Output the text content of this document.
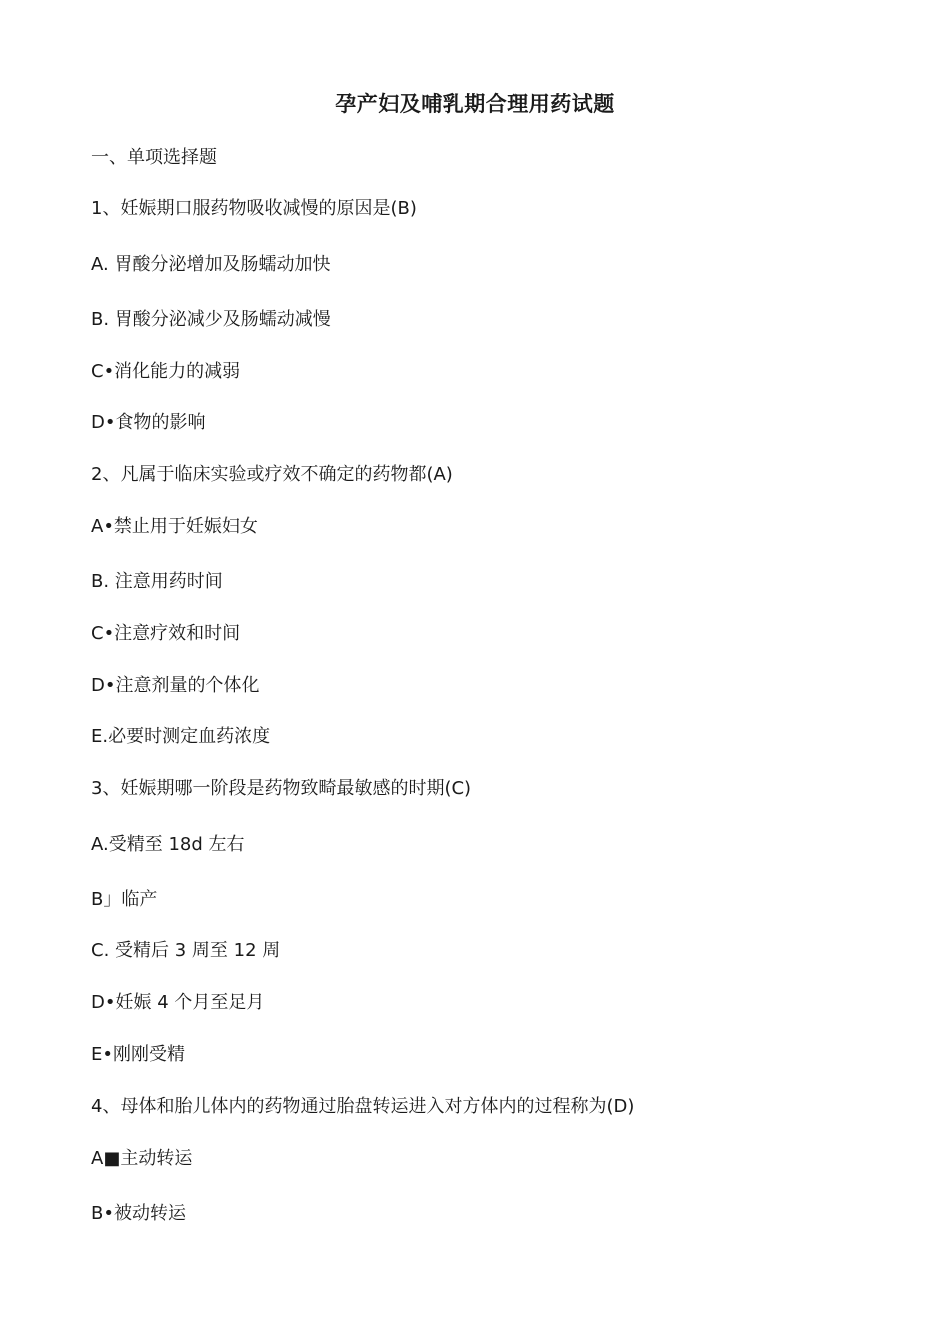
孕产妇及哺乳期合理用药试题
一、单项选择题
1、妊娠期口服药物吸收减慢的原因是(B)
A. 胃酸分泌增加及肠蠕动加快
B. 胃酸分泌减少及肠蠕动减慢
C•消化能力的减弱
D•食物的影响
2、凡属于临床实验或疗效不确定的药物都(A)
A•禁止用于妊娠妇女
B. 注意用药时间
C•注意疗效和时间
D•注意剂量的个体化
E.必要时测定血药浓度
3、妊娠期哪一阶段是药物致畸最敏感的时期(C)
A.受精至 18d 左右
B」临产
C. 受精后 3 周至 12 周
D•妊娠 4 个月至足月
E•刚刚受精
4、母体和胎儿体内的药物通过胎盘转运进入对方体内的过程称为(D)
A■主动转运
B•被动转运
